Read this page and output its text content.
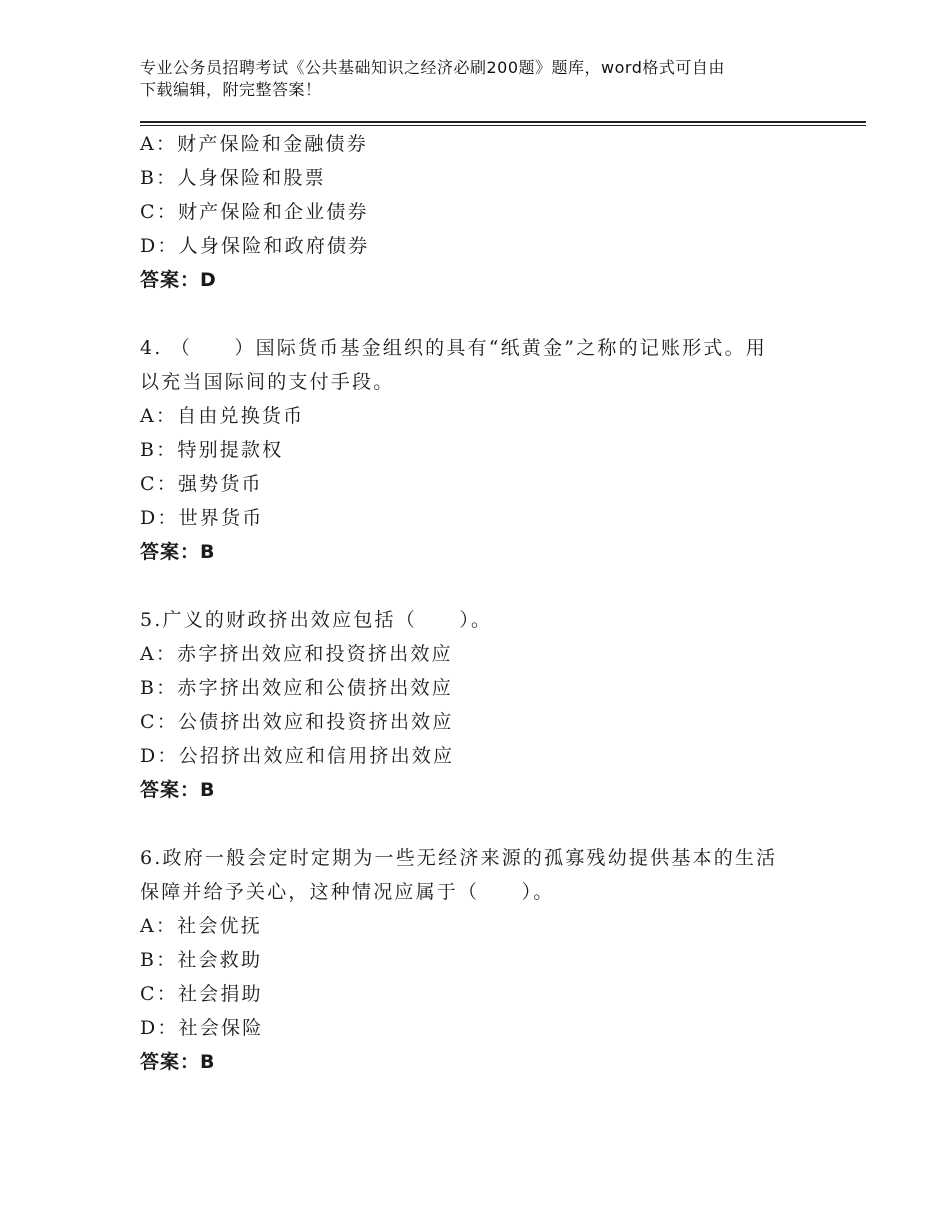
专业公务员招聘考试《公共基础知识之经济必刷200题》题库，word格式可自由
下载编辑，附完整答案！
A：财产保险和金融债券
B：人身保险和股票
C：财产保险和企业债券
D：人身保险和政府债券
答案：D
4. （　　）国际货币基金组织的具有“纸黄金”之称的记账形式。用
以充当国际间的支付手段。
A：自由兑换货币
B：特别提款权
C：强势货币
D：世界货币
答案：B
5.广义的财政挤出效应包括（　　）。
A：赤字挤出效应和投资挤出效应
B：赤字挤出效应和公债挤出效应
C：公债挤出效应和投资挤出效应
D：公招挤出效应和信用挤出效应
答案：B
6.政府一般会定时定期为一些无经济来源的孤寡残幼提供基本的生活
保障并给予关心，这种情况应属于（　　）。
A：社会优抚
B：社会救助
C：社会捐助
D：社会保险
答案：B
